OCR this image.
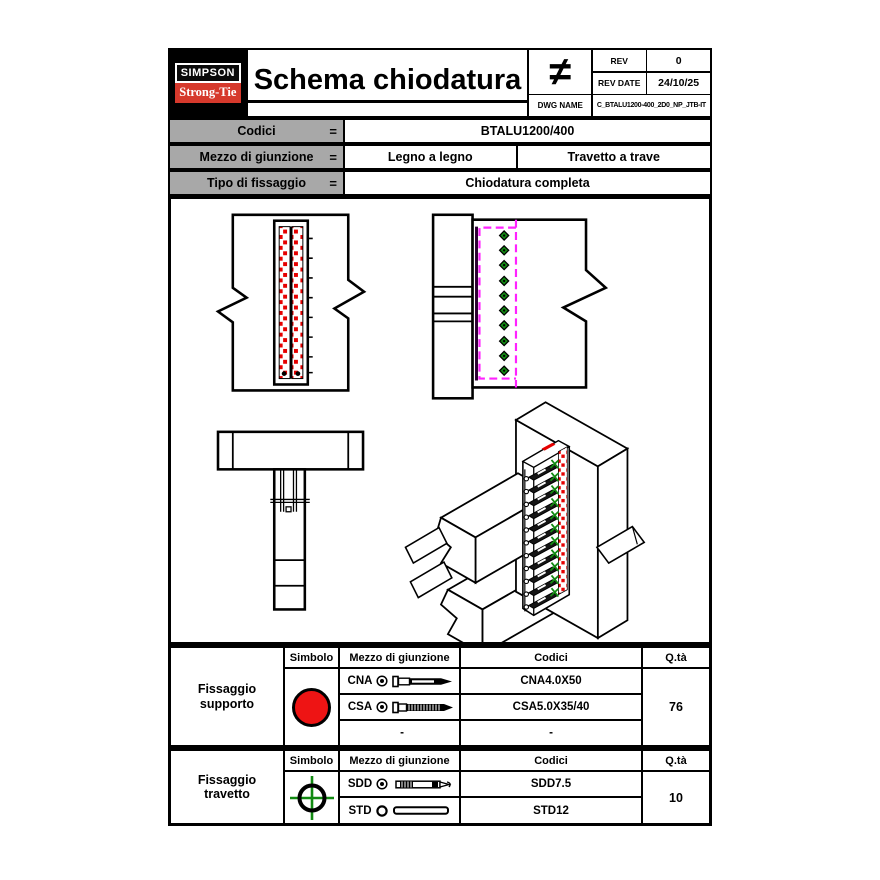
SIMPSON
Strong-Tie Schema chiodatura ≠	REV	0
REV DATE	24/10/25
DWG NAME	C_BTALU1200-400_2D0_NP_JTB-IT
Codici	=	BTALU1200/400
Mezzo di giunzione =	Legno a legno	Travetto a trave
Tipo di fissaggio =	Chiodatura completa
Fissaggio supporto
Simbolo	Mezzo di giunzione	Codici	Q.tà
CNA	CNA4.0X50
CSA	CSA5.0X35/40
-	-
76
Fissaggio travetto
Simbolo	Mezzo di giunzione	Codici	Q.tà
SDD	SDD7.5
STD	STD12
10
